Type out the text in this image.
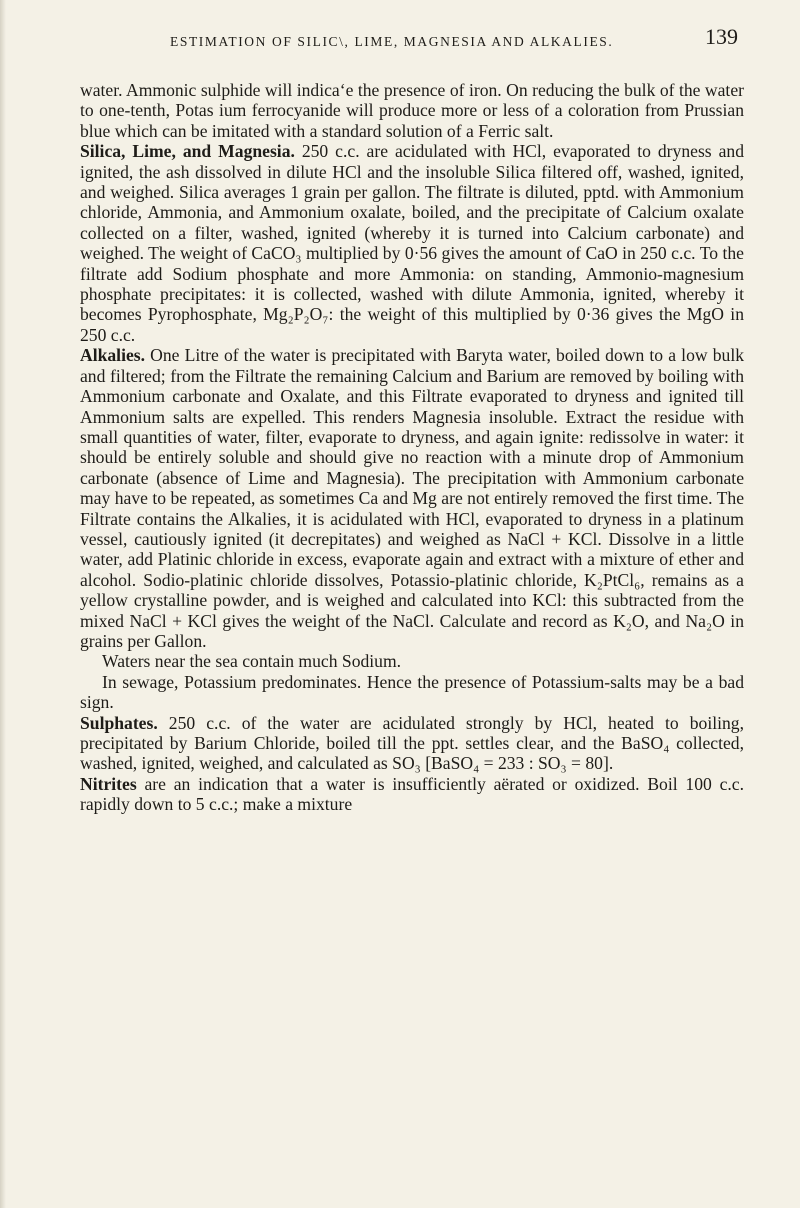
ESTIMATION OF SILIC\, LIME, MAGNESIA AND ALKALIES.	139

water. Ammonic sulphide will indica‘e the presence of iron. On reducing the bulk of the water to one-tenth, Potas ium ferrocyanide will produce more or less of a coloration from Prussian blue which can be imitated with a standard solution of a Ferric salt.

Silica, Lime, and Magnesia. 250 c.c. are acidulated with HCl, evaporated to dryness and ignited, the ash dissolved in dilute HCl and the insoluble Silica filtered off, washed, ignited, and weighed. Silica averages 1 grain per gallon. The filtrate is diluted, pptd. with Ammonium chloride, Ammonia, and Ammonium oxalate, boiled, and the precipitate of Calcium oxalate collected on a filter, washed, ignited (whereby it is turned into Calcium carbonate) and weighed. The weight of CaCO₃ multiplied by 0·56 gives the amount of CaO in 250 c.c. To the filtrate add Sodium phosphate and more Ammonia: on standing, Ammonio-magnesium phosphate precipitates: it is collected, washed with dilute Ammonia, ignited, whereby it becomes Pyrophosphate, Mg₂P₂O₇: the weight of this multiplied by 0·36 gives the MgO in 250 c.c.

Alkalies. One Litre of the water is precipitated with Baryta water, boiled down to a low bulk and filtered; from the Filtrate the remaining Calcium and Barium are removed by boiling with Ammonium carbonate and Oxalate, and this Filtrate evaporated to dryness and ignited till Ammonium salts are expelled. This renders Magnesia insoluble. Extract the residue with small quantities of water, filter, evaporate to dryness, and again ignite: redissolve in water: it should be entirely soluble and should give no reaction with a minute drop of Ammonium carbonate (absence of Lime and Magnesia). The precipitation with Ammonium carbonate may have to be repeated, as sometimes Ca and Mg are not entirely removed the first time. The Filtrate contains the Alkalies, it is acidulated with HCl, evaporated to dryness in a platinum vessel, cautiously ignited (it decrepitates) and weighed as NaCl + KCl. Dissolve in a little water, add Platinic chloride in excess, evaporate again and extract with a mixture of ether and alcohol. Sodio-platinic chloride dissolves, Potassio-platinic chloride, K₂PtCl₆, remains as a yellow crystalline powder, and is weighed and calculated into KCl: this subtracted from the mixed NaCl + KCl gives the weight of the NaCl. Calculate and record as K₂O, and Na₂O in grains per Gallon.

Waters near the sea contain much Sodium.

In sewage, Potassium predominates. Hence the presence of Potassium-salts may be a bad sign.

Sulphates. 250 c.c. of the water are acidulated strongly by HCl, heated to boiling, precipitated by Barium Chloride, boiled till the ppt. settles clear, and the BaSO₄ collected, washed, ignited, weighed, and calculated as SO₃ [BaSO₄ = 233 : SO₃ = 80].

Nitrites are an indication that a water is insufficiently aërated or oxidized. Boil 100 c.c. rapidly down to 5 c.c.; make a mixture
